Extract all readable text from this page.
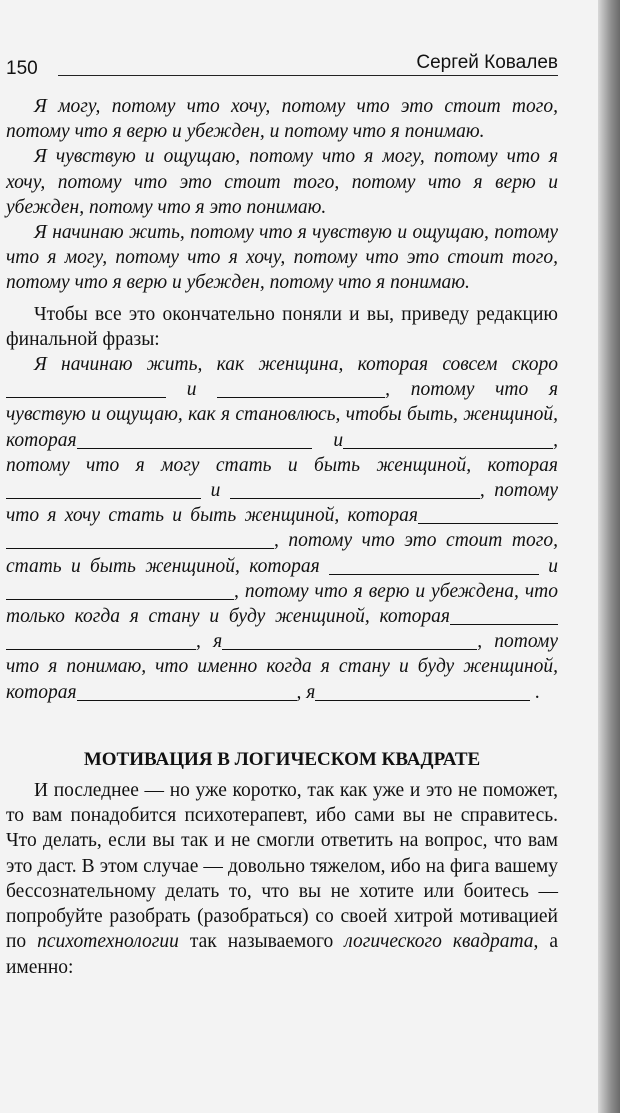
150	Сергей Ковалев

Я могу, потому что хочу, потому что это стоит того, потому что я верю и убежден, и потому что я понимаю.

Я чувствую и ощущаю, потому что я могу, потому что я хочу, потому что это стоит того, потому что я верю и убежден, потому что я это понимаю.

Я начинаю жить, потому что я чувствую и ощущаю, потому что я могу, потому что я хочу, потому что это стоит того, потому что я верю и убежден, потому что я понимаю.

Чтобы все это окончательно поняли и вы, приведу редакцию финальной фразы:

Я начинаю жить, как женщина, которая совсем скоро  и	, потому что я чувствую и ощущаю, как я становлюсь, чтобы быть, женщиной, которая	и	, потому что я могу стать и быть женщиной, которая  и	, потому что я хочу стать и быть женщиной, которая , потому что это стоит того, стать и быть женщиной, которая	и , потому что я верю и убеждена, что только когда я стану и буду женщиной, которая , я	, потому что я понимаю, что именно когда я стану и буду женщиной, которая	, я	.

МОТИВАЦИЯ В ЛОГИЧЕСКОМ КВАДРАТЕ

И последнее — но уже коротко, так как уже и это не поможет, то вам понадобится психотерапевт, ибо сами вы не справитесь. Что делать, если вы так и не смогли ответить на вопрос, что вам это даст. В этом случае — довольно тяжелом, ибо на фига вашему бессознательному делать то, что вы не хотите или боитесь — попробуйте разобрать (разобраться) со своей хитрой мотивацией по психотехнологии так называемого логического квадрата, а именно:
